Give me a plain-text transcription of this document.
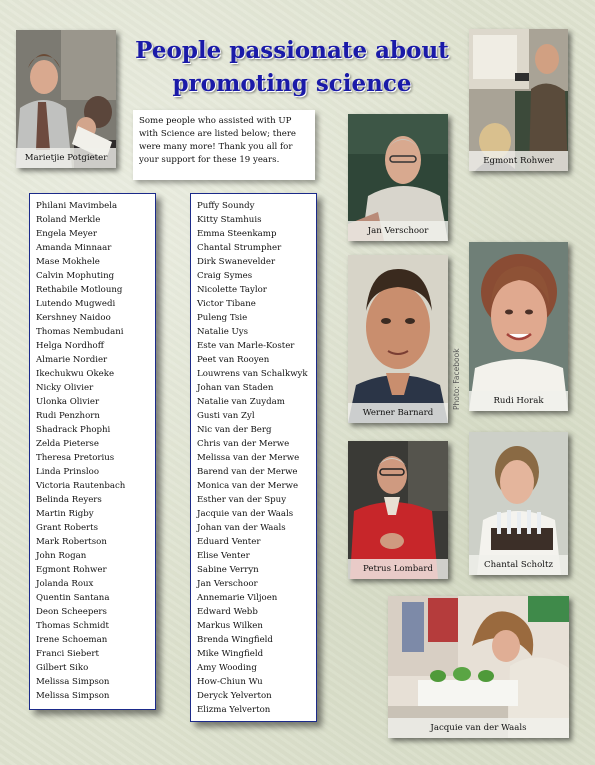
People passionate about
promoting science
Some people who assisted with UP with Science are listed below; there were many more! Thank you all for your support for these 19 years.
Philani Mavimbela
Roland Merkle
Engela Meyer
Amanda Minnaar
Mase Mokhele
Calvin Mophuting
Rethabile Motloung
Lutendo Mugwedi
Kershney Naidoo
Thomas Nembudani
Helga Nordhoff
Almarie Nordier
Ikechukwu Okeke
Nicky Olivier
Ulonka Olivier
Rudi Penzhorn
Shadrack Phophi
Zelda Pieterse
Theresa Pretorius
Linda Prinsloo
Victoria Rautenbach
Belinda Reyers
Martin Rigby
Grant Roberts
Mark Robertson
John Rogan
Egmont Rohwer
Jolanda Roux
Quentin Santana
Deon Scheepers
Thomas Schmidt
Irene Schoeman
Franci Siebert
Gilbert Siko
Melissa Simpson
Melissa Simpson
Puffy Soundy
Kitty Stamhuis
Emma Steenkamp
Chantal Strumpher
Dirk Swanevelder
Craig Symes
Nicolette Taylor
Victor Tibane
Puleng Tsie
Natalie Uys
Este van Marle-Koster
Peet van Rooyen
Louwrens van Schalkwyk
Johan van Staden
Natalie van Zuydam
Gusti van Zyl
Nic van der Berg
Chris van der Merwe
Melissa van der Merwe
Barend van der Merwe
Monica van der Merwe
Esther van der Spuy
Jacquie van der Waals
Johan van der Waals
Eduard Venter
Elise Venter
Sabine Verryn
Jan Verschoor
Annemarie Viljoen
Edward Webb
Markus Wilken
Brenda Wingfield
Mike Wingfield
Amy Wooding
How-Chiun Wu
Deryck Yelverton
Elizma Yelverton
Marietjie Potgieter	Egmont Rohwer
Jan Verschoor
Werner Barnard
Rudi Horak
Photo: Facebook
Petrus Lombard	Chantal Scholtz
Jacquie van der Waals
